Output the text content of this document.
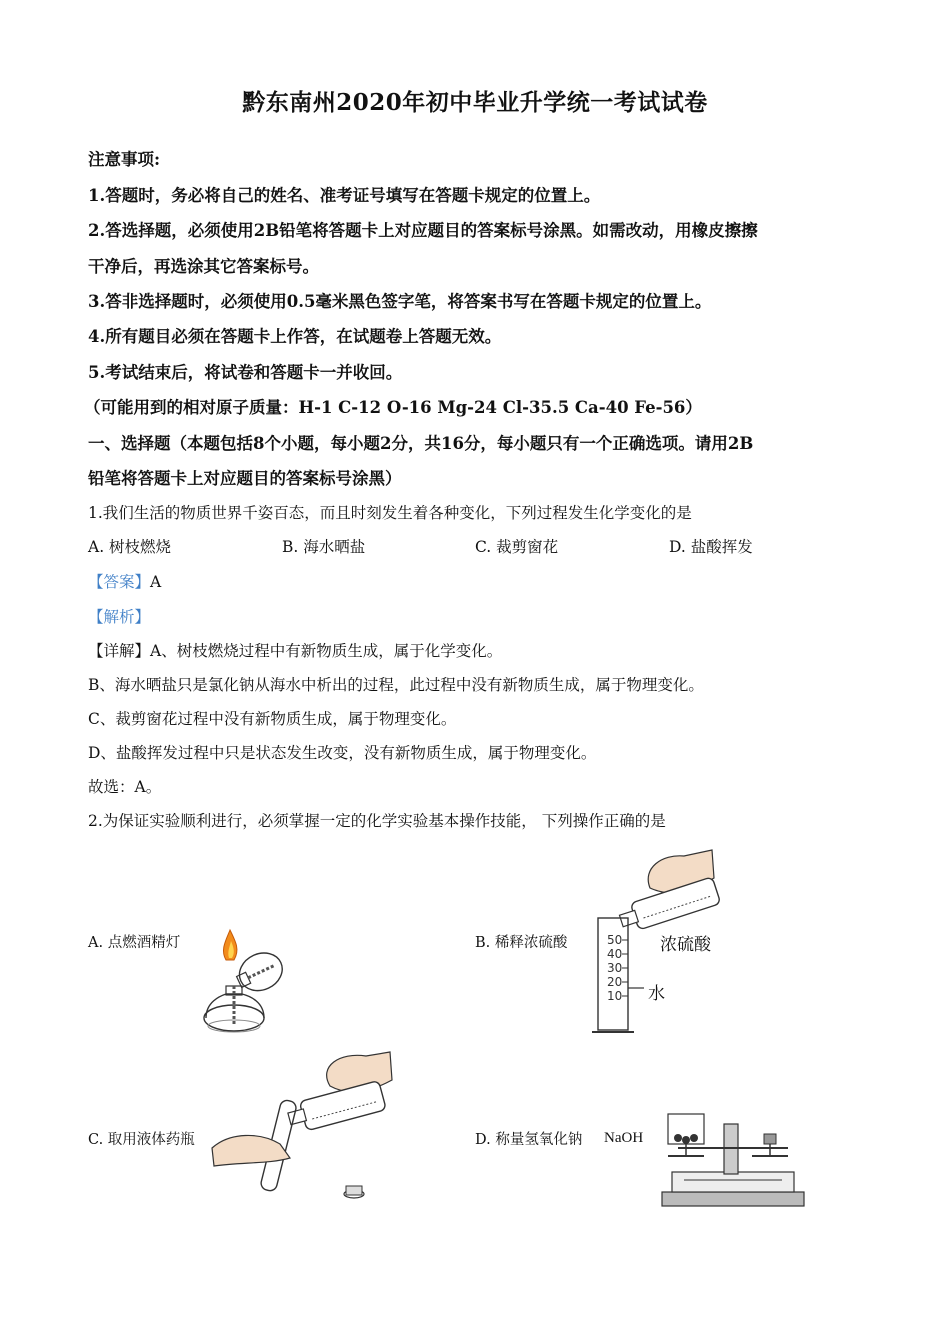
黔东南州2020年初中毕业升学统一考试试卷
注意事项:
1.答题时，务必将自己的姓名、准考证号填写在答题卡规定的位置上。
2.答选择题，必须使用2B铅笔将答题卡上对应题目的答案标号涂黑。如需改动，用橡皮擦擦
干净后，再选涂其它答案标号。
3.答非选择题时，必须使用0.5毫米黑色签字笔，将答案书写在答题卡规定的位置上。
4.所有题目必须在答题卡上作答，在试题卷上答题无效。
5.考试结束后，将试卷和答题卡一并收回。
（可能用到的相对原子质量：H-1 C-12 O-16 Mg-24 Cl-35.5 Ca-40 Fe-56）
一、选择题（本题包括8个小题，每小题2分，共16分，每小题只有一个正确选项。请用2B
铅笔将答题卡上对应题目的答案标号涂黑）
1.我们生活的物质世界千姿百态，而且时刻发生着各种变化，下列过程发生化学变化的是
A. 树枝燃烧	B. 海水晒盐	C. 裁剪窗花	D. 盐酸挥发
【答案】A
【解析】
【详解】A、树枝燃烧过程中有新物质生成，属于化学变化。
B、海水晒盐只是氯化钠从海水中析出的过程，此过程中没有新物质生成，属于物理变化。
C、裁剪窗花过程中没有新物质生成，属于物理变化。
D、盐酸挥发过程中只是状态发生改变，没有新物质生成，属于物理变化。
故选：A。
2.为保证实验顺利进行，必须掌握一定的化学实验基本操作技能， 下列操作正确的是
A. 点燃酒精灯	B. 稀释浓硫酸	50
40
30
20
10
浓硫酸
水
C. 取用液体药瓶	D. 称量氢氧化钠 NaOH
